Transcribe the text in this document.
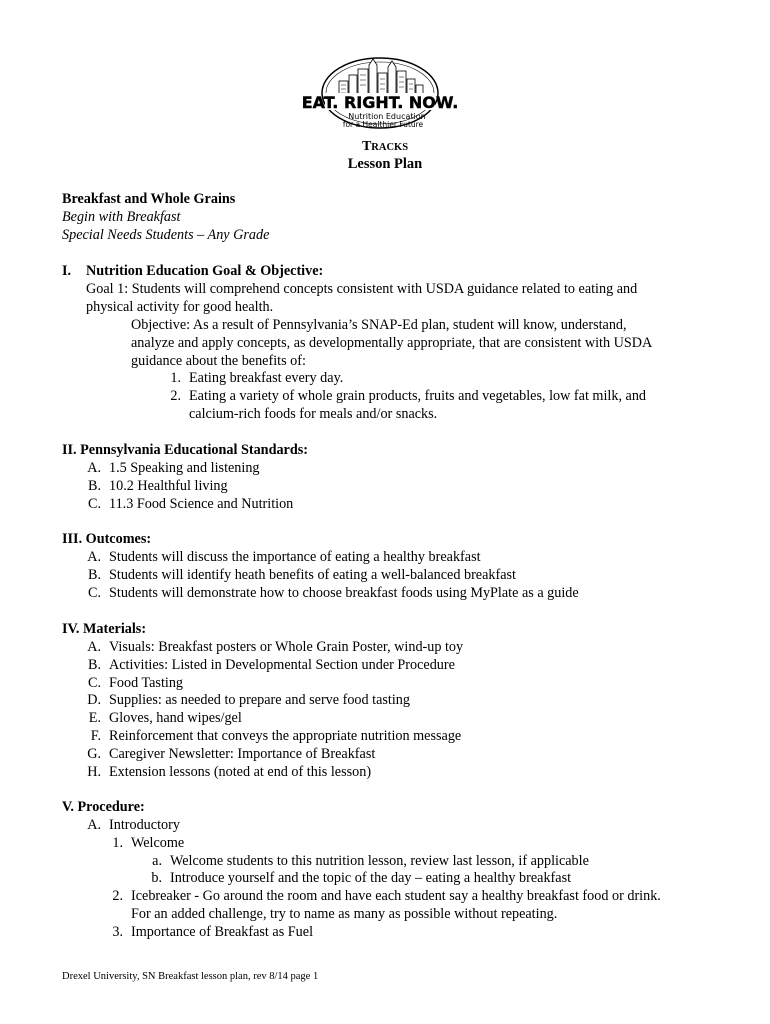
EAT. RIGHT. NOW.
Nutrition Education
for a Healthier Future
TRACKS
Lesson Plan
Breakfast and Whole Grains
Begin with Breakfast
Special Needs Students – Any Grade
I. Nutrition Education Goal & Objective:
Goal 1: Students will comprehend concepts consistent with USDA guidance related to eating and
physical activity for good health.
Objective: As a result of Pennsylvania’s SNAP-Ed plan, student will know, understand,
analyze and apply concepts, as developmentally appropriate, that are consistent with USDA
guidance about the benefits of:
1. Eating breakfast every day.
2. Eating a variety of whole grain products, fruits and vegetables, low fat milk, and
calcium-rich foods for meals and/or snacks.
II. Pennsylvania Educational Standards:
A. 1.5 Speaking and listening
B. 10.2 Healthful living
C. 11.3 Food Science and Nutrition
III. Outcomes:
A. Students will discuss the importance of eating a healthy breakfast
B. Students will identify heath benefits of eating a well-balanced breakfast
C. Students will demonstrate how to choose breakfast foods using MyPlate as a guide
IV. Materials:
A. Visuals: Breakfast posters or Whole Grain Poster, wind-up toy
B. Activities: Listed in Developmental Section under Procedure
C. Food Tasting
D. Supplies: as needed to prepare and serve food tasting
E. Gloves, hand wipes/gel
F. Reinforcement that conveys the appropriate nutrition message
G. Caregiver Newsletter: Importance of Breakfast
H. Extension lessons (noted at end of this lesson)
V. Procedure:
A. Introductory
1. Welcome
a. Welcome students to this nutrition lesson, review last lesson, if applicable
b. Introduce yourself and the topic of the day – eating a healthy breakfast
2. Icebreaker - Go around the room and have each student say a healthy breakfast food or drink.
For an added challenge, try to name as many as possible without repeating.
3. Importance of Breakfast as Fuel
Drexel University, SN Breakfast lesson plan, rev 8/14 page 1
